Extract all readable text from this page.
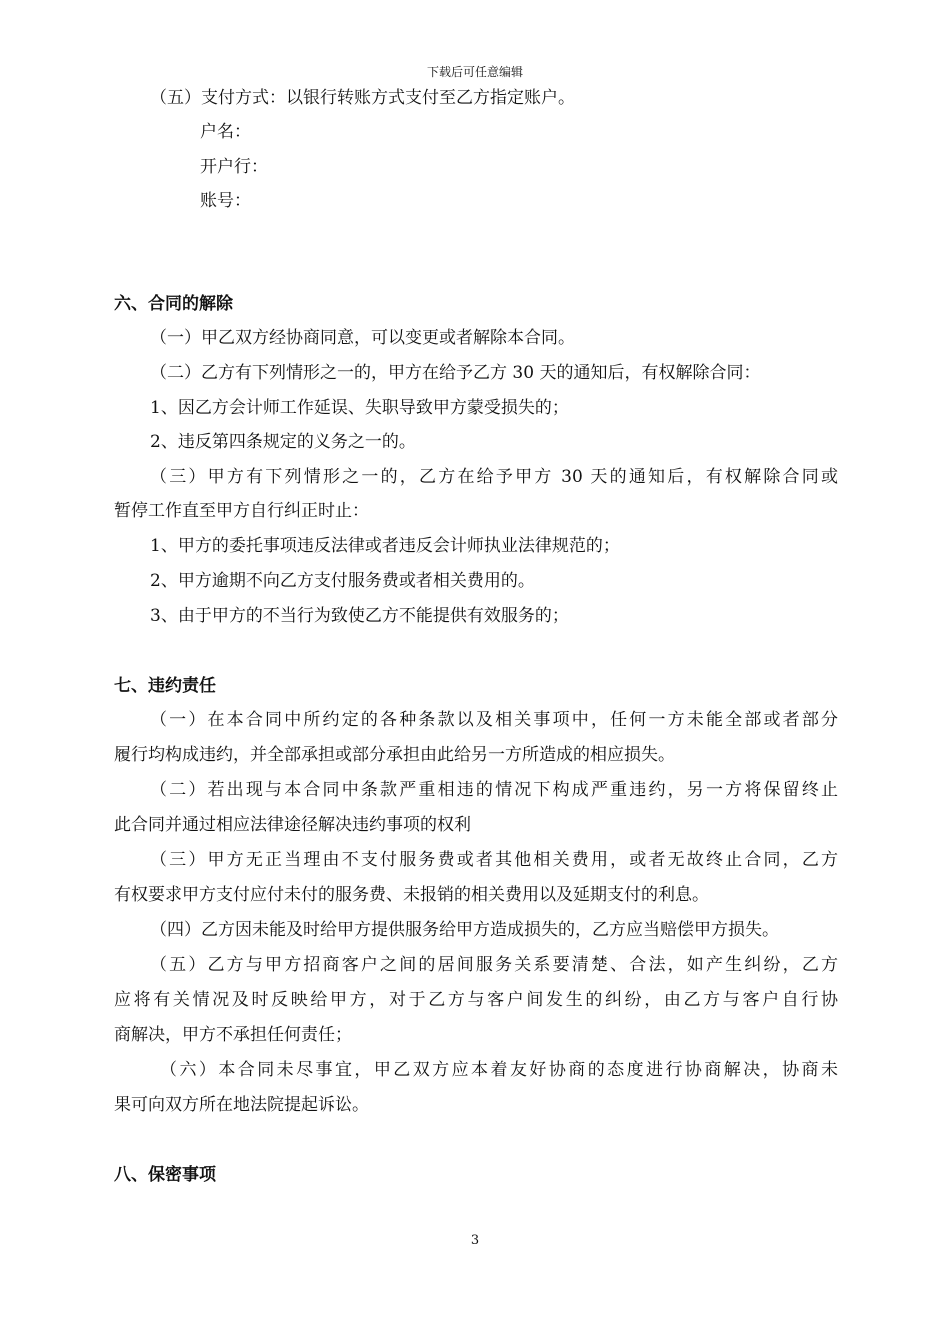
下载后可任意编辑
（五）支付方式：以银行转账方式支付至乙方指定账户。
户名：
开户行：
账号：
六、合同的解除
（一）甲乙双方经协商同意，可以变更或者解除本合同。
（二）乙方有下列情形之一的，甲方在给予乙方 30 天的通知后，有权解除合同：
1、因乙方会计师工作延误、失职导致甲方蒙受损失的；
2、违反第四条规定的义务之一的。
（三）甲方有下列情形之一的，乙方在给予甲方 30 天的通知后，有权解除合同或
暂停工作直至甲方自行纠正时止：
1、甲方的委托事项违反法律或者违反会计师执业法律规范的；
2、甲方逾期不向乙方支付服务费或者相关费用的。
3、由于甲方的不当行为致使乙方不能提供有效服务的；
七、违约责任
（一）在本合同中所约定的各种条款以及相关事项中，任何一方未能全部或者部分
履行均构成违约，并全部承担或部分承担由此给另一方所造成的相应损失。
（二）若出现与本合同中条款严重相违的情况下构成严重违约，另一方将保留终止
此合同并通过相应法律途径解决违约事项的权利
（三）甲方无正当理由不支付服务费或者其他相关费用，或者无故终止合同，乙方
有权要求甲方支付应付未付的服务费、未报销的相关费用以及延期支付的利息。
（四）乙方因未能及时给甲方提供服务给甲方造成损失的，乙方应当赔偿甲方损失。
（五）乙方与甲方招商客户之间的居间服务关系要清楚、合法，如产生纠纷，乙方
应将有关情况及时反映给甲方，对于乙方与客户间发生的纠纷，由乙方与客户自行协
商解决，甲方不承担任何责任；
（六）本合同未尽事宜，甲乙双方应本着友好协商的态度进行协商解决，协商未
果可向双方所在地法院提起诉讼。
八、保密事项
3
